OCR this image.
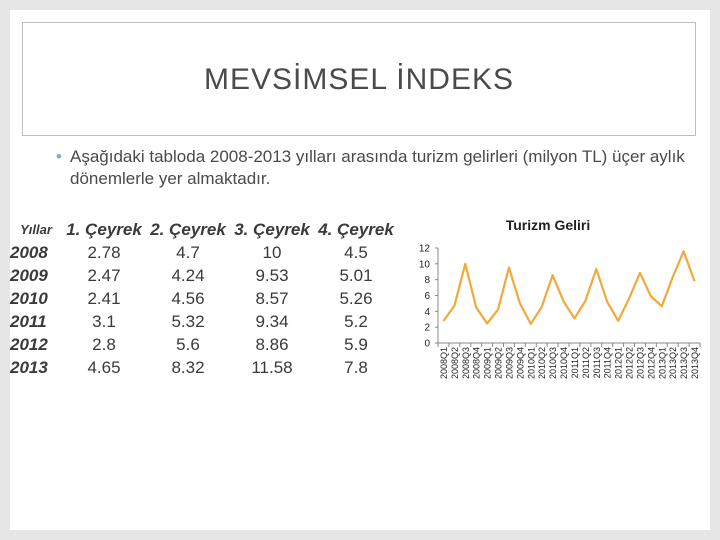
MEVSİMSEL İNDEKS
• Aşağıdaki tabloda 2008-2013 yılları arasında turizm gelirleri (milyon TL) üçer aylık dönemlerle yer almaktadır.
Yıllar	1. Çeyrek	2. Çeyrek	3. Çeyrek	4. Çeyrek
2008	2.78	4.7	10	4.5
2009	2.47	4.24	9.53	5.01
2010	2.41	4.56	8.57	5.26
2011	3.1	5.32	9.34	5.2
2012	2.8	5.6	8.86	5.9
2013	4.65	8.32	11.58	7.8
Turizm Geliri
0
2
4
6
8
10
12
2008Q1 2008Q2 2008Q3 2008Q4 2009Q1 2009Q2 2009Q3 2009Q4 2010Q1 2010Q2 2010Q3 2010Q4 2011Q1 2011Q2 2011Q3 2011Q4 2012Q1 2012Q2 2012Q3 2012Q4 2013Q1 2013Q2 2013Q3 2013Q4
